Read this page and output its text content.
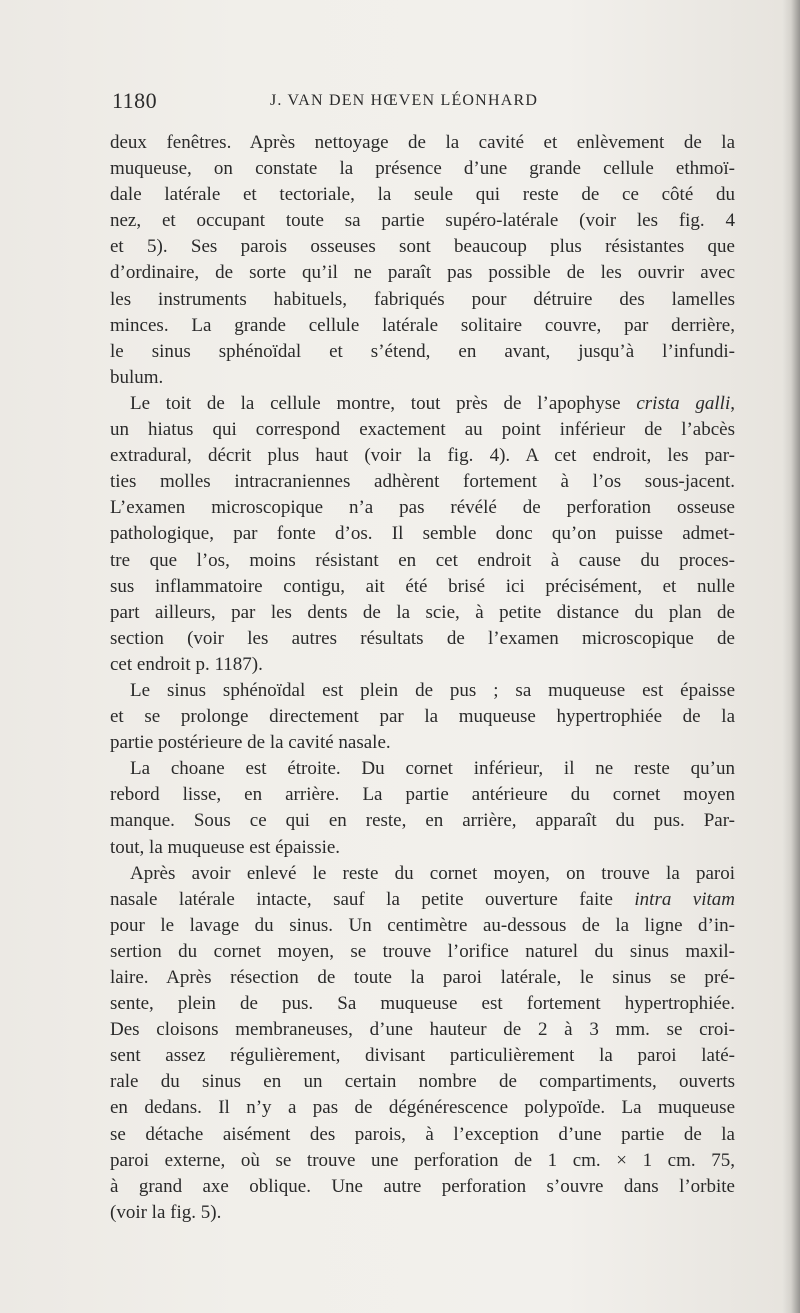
1180	J. VAN DEN HŒVEN LÉONHARD
deux fenêtres. Après nettoyage de la cavité et enlèvement de la
muqueuse, on constate la présence d’une grande cellule ethmoï-
dale latérale et tectoriale, la seule qui reste de ce côté du
nez, et occupant toute sa partie supéro-latérale (voir les fig. 4
et 5). Ses parois osseuses sont beaucoup plus résistantes que
d’ordinaire, de sorte qu’il ne paraît pas possible de les ouvrir avec
les instruments habituels, fabriqués pour détruire des lamelles
minces. La grande cellule latérale solitaire couvre, par derrière,
le sinus sphénoïdal et s’étend, en avant, jusqu’à l’infundi-
bulum.
Le toit de la cellule montre, tout près de l’apophyse crista galli,
un hiatus qui correspond exactement au point inférieur de l’abcès
extradural, décrit plus haut (voir la fig. 4). A cet endroit, les par-
ties molles intracraniennes adhèrent fortement à l’os sous-jacent.
L’examen microscopique n’a pas révélé de perforation osseuse
pathologique, par fonte d’os. Il semble donc qu’on puisse admet-
tre que l’os, moins résistant en cet endroit à cause du proces-
sus inflammatoire contigu, ait été brisé ici précisément, et nulle
part ailleurs, par les dents de la scie, à petite distance du plan de
section (voir les autres résultats de l’examen microscopique de
cet endroit p. 1187).
Le sinus sphénoïdal est plein de pus ; sa muqueuse est épaisse
et se prolonge directement par la muqueuse hypertrophiée de la
partie postérieure de la cavité nasale.
La choane est étroite. Du cornet inférieur, il ne reste qu’un
rebord lisse, en arrière. La partie antérieure du cornet moyen
manque. Sous ce qui en reste, en arrière, apparaît du pus. Par-
tout, la muqueuse est épaissie.
Après avoir enlevé le reste du cornet moyen, on trouve la paroi
nasale latérale intacte, sauf la petite ouverture faite intra vitam
pour le lavage du sinus. Un centimètre au-dessous de la ligne d’in-
sertion du cornet moyen, se trouve l’orifice naturel du sinus maxil-
laire. Après résection de toute la paroi latérale, le sinus se pré-
sente, plein de pus. Sa muqueuse est fortement hypertrophiée.
Des cloisons membraneuses, d’une hauteur de 2 à 3 mm. se croi-
sent assez régulièrement, divisant particulièrement la paroi laté-
rale du sinus en un certain nombre de compartiments, ouverts
en dedans. Il n’y a pas de dégénérescence polypoïde. La muqueuse
se détache aisément des parois, à l’exception d’une partie de la
paroi externe, où se trouve une perforation de 1 cm. × 1 cm. 75,
à grand axe oblique. Une autre perforation s’ouvre dans l’orbite
(voir la fig. 5).
